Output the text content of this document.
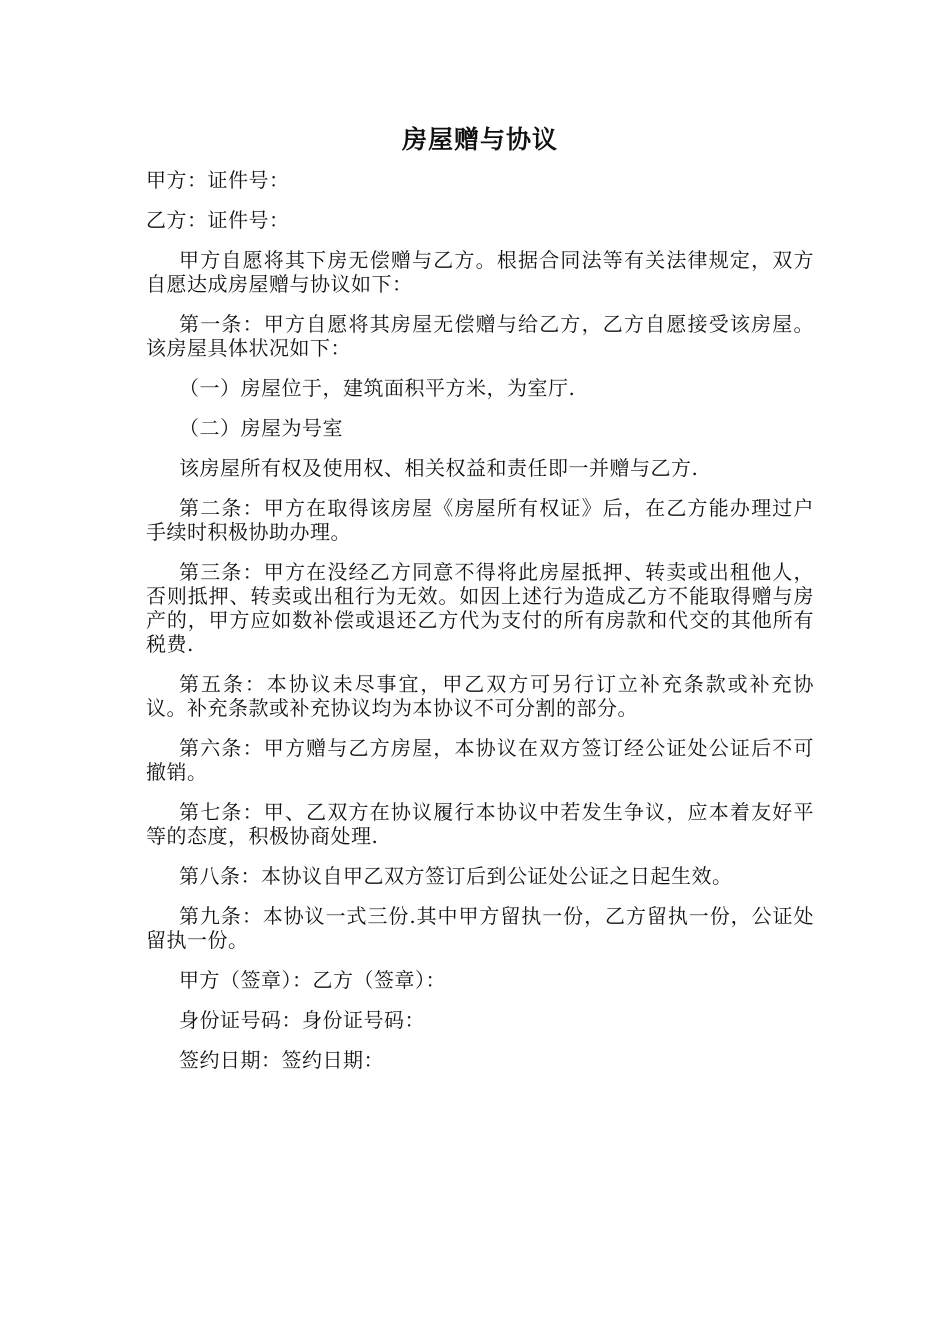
房屋赠与协议

甲方：证件号：

乙方：证件号：

甲方自愿将其下房无偿赠与乙方。根据合同法等有关法律规定，双方自愿达成房屋赠与协议如下：

第一条：甲方自愿将其房屋无偿赠与给乙方，乙方自愿接受该房屋。该房屋具体状况如下：

（一）房屋位于，建筑面积平方米，为室厅.

（二）房屋为号室

该房屋所有权及使用权、相关权益和责任即一并赠与乙方.

第二条：甲方在取得该房屋《房屋所有权证》后，在乙方能办理过户手续时积极协助办理。

第三条：甲方在没经乙方同意不得将此房屋抵押、转卖或出租他人，否则抵押、转卖或出租行为无效。如因上述行为造成乙方不能取得赠与房产的，甲方应如数补偿或退还乙方代为支付的所有房款和代交的其他所有税费.

第五条：本协议未尽事宜，甲乙双方可另行订立补充条款或补充协议。补充条款或补充协议均为本协议不可分割的部分。

第六条：甲方赠与乙方房屋，本协议在双方签订经公证处公证后不可撤销。

第七条：甲、乙双方在协议履行本协议中若发生争议，应本着友好平等的态度，积极协商处理.

第八条：本协议自甲乙双方签订后到公证处公证之日起生效。

第九条：本协议一式三份.其中甲方留执一份，乙方留执一份，公证处留执一份。

甲方（签章）：乙方（签章）：

身份证号码：身份证号码：

签约日期：签约日期：
